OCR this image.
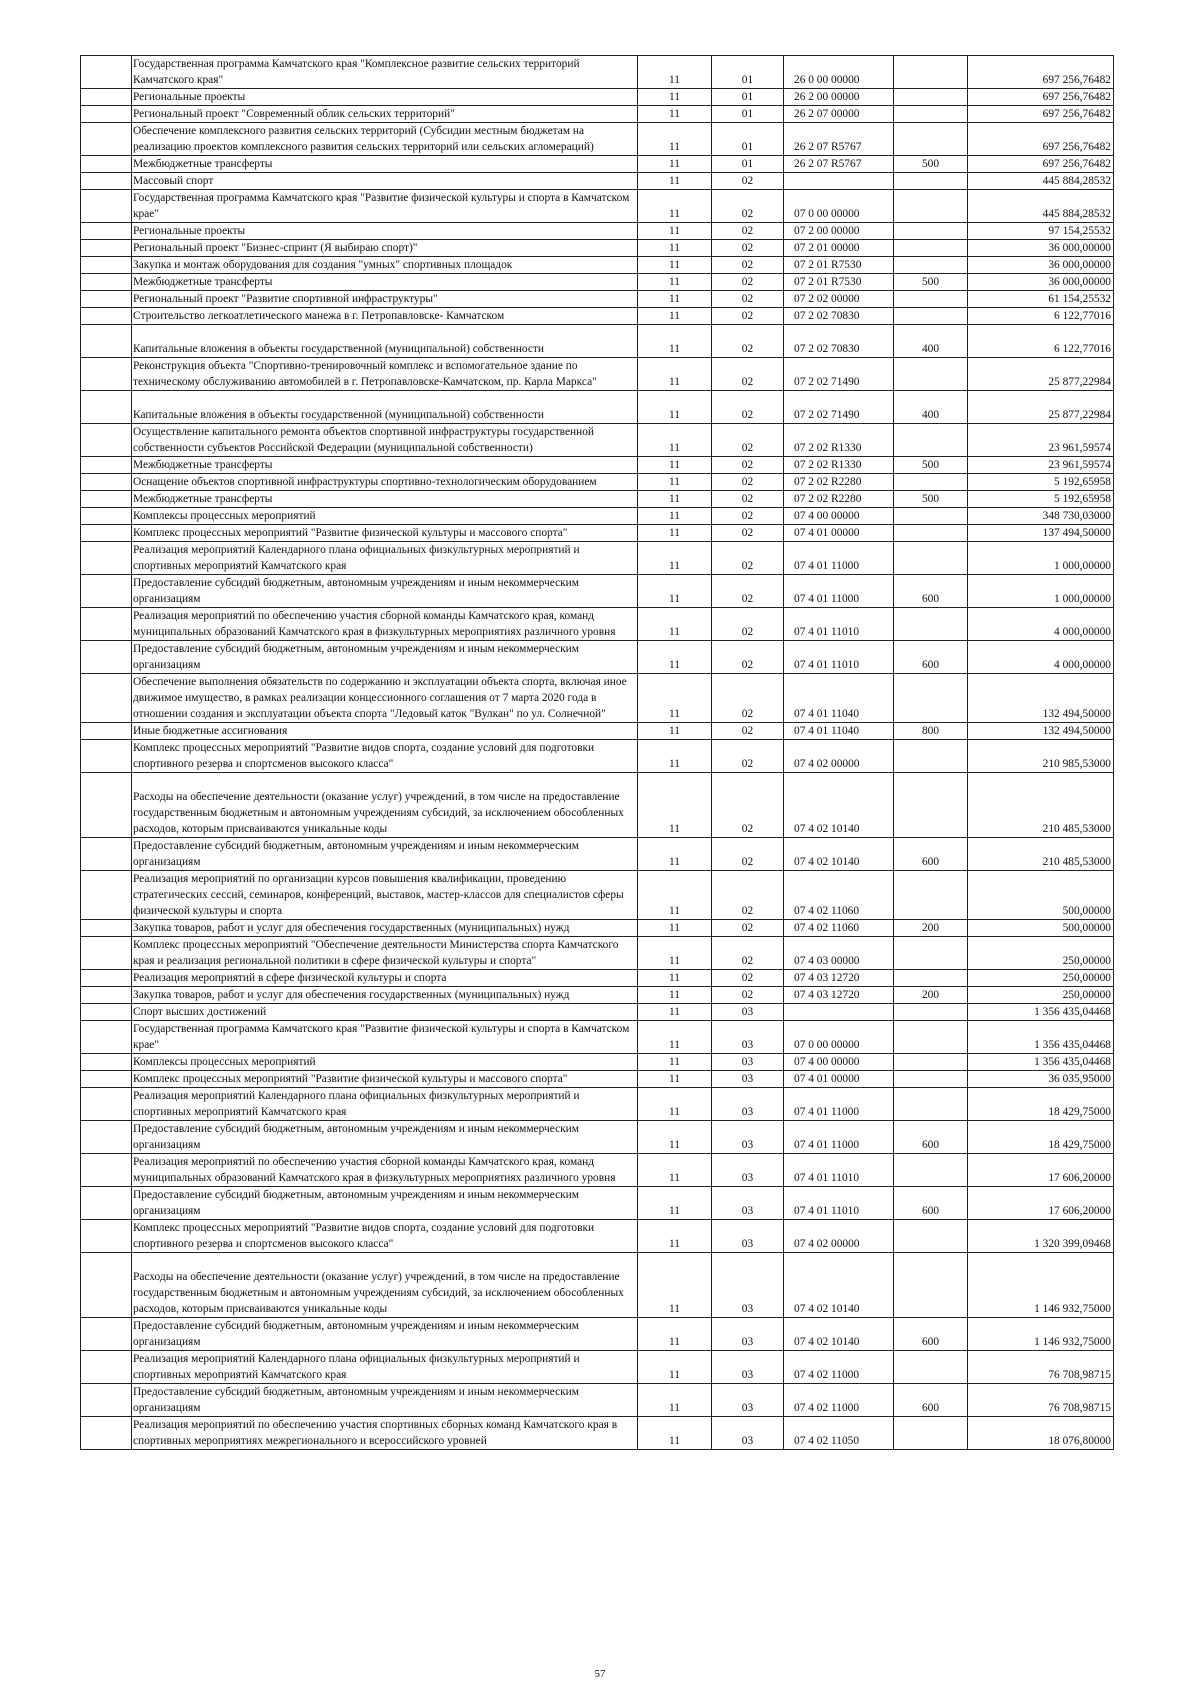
	Государственная программа Камчатского края "Комплексное развитие сельских территорий Камчатского края"	11	01	26 0 00 00000		697 256,76482
	Региональные проекты	11	01	26 2 00 00000		697 256,76482
	Региональный проект "Современный облик сельских территорий"	11	01	26 2 07 00000		697 256,76482
	Обеспечение комплексного развития сельских территорий (Субсидии местным бюджетам на реализацию проектов комплексного развития сельских территорий или сельских агломераций)	11	01	26 2 07 R5767		697 256,76482
	Межбюджетные трансферты	11	01	26 2 07 R5767	500	697 256,76482
	Массовый спорт	11	02			445 884,28532
	Государственная программа Камчатского края "Развитие физической культуры и спорта в Камчатском крае"	11	02	07 0 00 00000		445 884,28532
	Региональные проекты	11	02	07 2 00 00000		97 154,25532
	Региональный проект "Бизнес-спринт (Я выбираю спорт)"	11	02	07 2 01 00000		36 000,00000
	Закупка и монтаж оборудования для создания "умных" спортивных площадок	11	02	07 2 01 R7530		36 000,00000
	Межбюджетные трансферты	11	02	07 2 01 R7530	500	36 000,00000
	Региональный проект "Развитие спортивной инфраструктуры"	11	02	07 2 02 00000		61 154,25532
	Строительство легкоатлетического манежа в г. Петропавловске- Камчатском	11	02	07 2 02 70830		6 122,77016
	Капитальные вложения в объекты государственной (муниципальной) собственности	11	02	07 2 02 70830	400	6 122,77016
	Реконструкция объекта "Спортивно-тренировочный комплекс и вспомогательное здание по техническому обслуживанию автомобилей в г. Петропавловске-Камчатском, пр. Карла Маркса"	11	02	07 2 02 71490		25 877,22984
	Капитальные вложения в объекты государственной (муниципальной) собственности	11	02	07 2 02 71490	400	25 877,22984
	Осуществление капитального ремонта объектов спортивной инфраструктуры государственной собственности субъектов Российской Федерации (муниципальной собственности)	11	02	07 2 02 R1330		23 961,59574
	Межбюджетные трансферты	11	02	07 2 02 R1330	500	23 961,59574
	Оснащение объектов спортивной инфраструктуры спортивно-технологическим оборудованием	11	02	07 2 02 R2280		5 192,65958
	Межбюджетные трансферты	11	02	07 2 02 R2280	500	5 192,65958
	Комплексы процессных мероприятий	11	02	07 4 00 00000		348 730,03000
	Комплекс процессных мероприятий "Развитие физической культуры и массового спорта"	11	02	07 4 01 00000		137 494,50000
	Реализация мероприятий Календарного плана официальных физкультурных мероприятий и спортивных мероприятий Камчатского края	11	02	07 4 01 11000		1 000,00000
	Предоставление субсидий бюджетным, автономным учреждениям и иным некоммерческим организациям	11	02	07 4 01 11000	600	1 000,00000
	Реализация мероприятий по обеспечению участия сборной команды Камчатского края, команд муниципальных образований Камчатского края в физкультурных мероприятиях различного уровня	11	02	07 4 01 11010		4 000,00000
	Предоставление субсидий бюджетным, автономным учреждениям и иным некоммерческим организациям	11	02	07 4 01 11010	600	4 000,00000
	Обеспечение выполнения обязательств по содержанию и эксплуатации объекта спорта, включая иное движимое имущество, в рамках реализации концессионного соглашения от 7 марта 2020 года в отношении создания и эксплуатации объекта спорта "Ледовый каток "Вулкан" по ул. Солнечной"	11	02	07 4 01 11040		132 494,50000
	Иные бюджетные ассигнования	11	02	07 4 01 11040	800	132 494,50000
	Комплекс процессных мероприятий "Развитие видов спорта, создание условий для подготовки спортивного резерва и спортсменов высокого класса"	11	02	07 4 02 00000		210 985,53000
	Расходы на обеспечение деятельности (оказание услуг) учреждений, в том числе на предоставление государственным бюджетным и автономным учреждениям субсидий, за исключением обособленных расходов, которым присваиваются уникальные коды	11	02	07 4 02 10140		210 485,53000
	Предоставление субсидий бюджетным, автономным учреждениям и иным некоммерческим организациям	11	02	07 4 02 10140	600	210 485,53000
	Реализация мероприятий по организации курсов повышения квалификации, проведению стратегических сессий, семинаров, конференций, выставок, мастер-классов для специалистов сферы физической культуры и спорта	11	02	07 4 02 11060		500,00000
	Закупка товаров, работ и услуг для обеспечения государственных (муниципальных) нужд	11	02	07 4 02 11060	200	500,00000
	Комплекс процессных мероприятий "Обеспечение деятельности Министерства спорта Камчатского края и реализация региональной политики в сфере физической культуры и спорта"	11	02	07 4 03 00000		250,00000
	Реализация мероприятий в сфере физической культуры и спорта	11	02	07 4 03 12720		250,00000
	Закупка товаров, работ и услуг для обеспечения государственных (муниципальных) нужд	11	02	07 4 03 12720	200	250,00000
	Спорт высших достижений	11	03			1 356 435,04468
	Государственная программа Камчатского края "Развитие физической культуры и спорта в Камчатском крае"	11	03	07 0 00 00000		1 356 435,04468
	Комплексы процессных мероприятий	11	03	07 4 00 00000		1 356 435,04468
	Комплекс процессных мероприятий "Развитие физической культуры и массового спорта"	11	03	07 4 01 00000		36 035,95000
	Реализация мероприятий Календарного плана официальных физкультурных мероприятий и спортивных мероприятий Камчатского края	11	03	07 4 01 11000		18 429,75000
	Предоставление субсидий бюджетным, автономным учреждениям и иным некоммерческим организациям	11	03	07 4 01 11000	600	18 429,75000
	Реализация мероприятий по обеспечению участия сборной команды Камчатского края, команд муниципальных образований Камчатского края в физкультурных мероприятиях различного уровня	11	03	07 4 01 11010		17 606,20000
	Предоставление субсидий бюджетным, автономным учреждениям и иным некоммерческим организациям	11	03	07 4 01 11010	600	17 606,20000
	Комплекс процессных мероприятий "Развитие видов спорта, создание условий для подготовки спортивного резерва и спортсменов высокого класса"	11	03	07 4 02 00000		1 320 399,09468
	Расходы на обеспечение деятельности (оказание услуг) учреждений, в том числе на предоставление государственным бюджетным и автономным учреждениям субсидий, за исключением обособленных расходов, которым присваиваются уникальные коды	11	03	07 4 02 10140		1 146 932,75000
	Предоставление субсидий бюджетным, автономным учреждениям и иным некоммерческим организациям	11	03	07 4 02 10140	600	1 146 932,75000
	Реализация мероприятий Календарного плана официальных физкультурных мероприятий и спортивных мероприятий Камчатского края	11	03	07 4 02 11000		76 708,98715
	Предоставление субсидий бюджетным, автономным учреждениям и иным некоммерческим организациям	11	03	07 4 02 11000	600	76 708,98715
	Реализация мероприятий по обеспечению участия спортивных сборных команд Камчатского края в спортивных мероприятиях межрегионального и всероссийского уровней	11	03	07 4 02 11050		18 076,80000
57
